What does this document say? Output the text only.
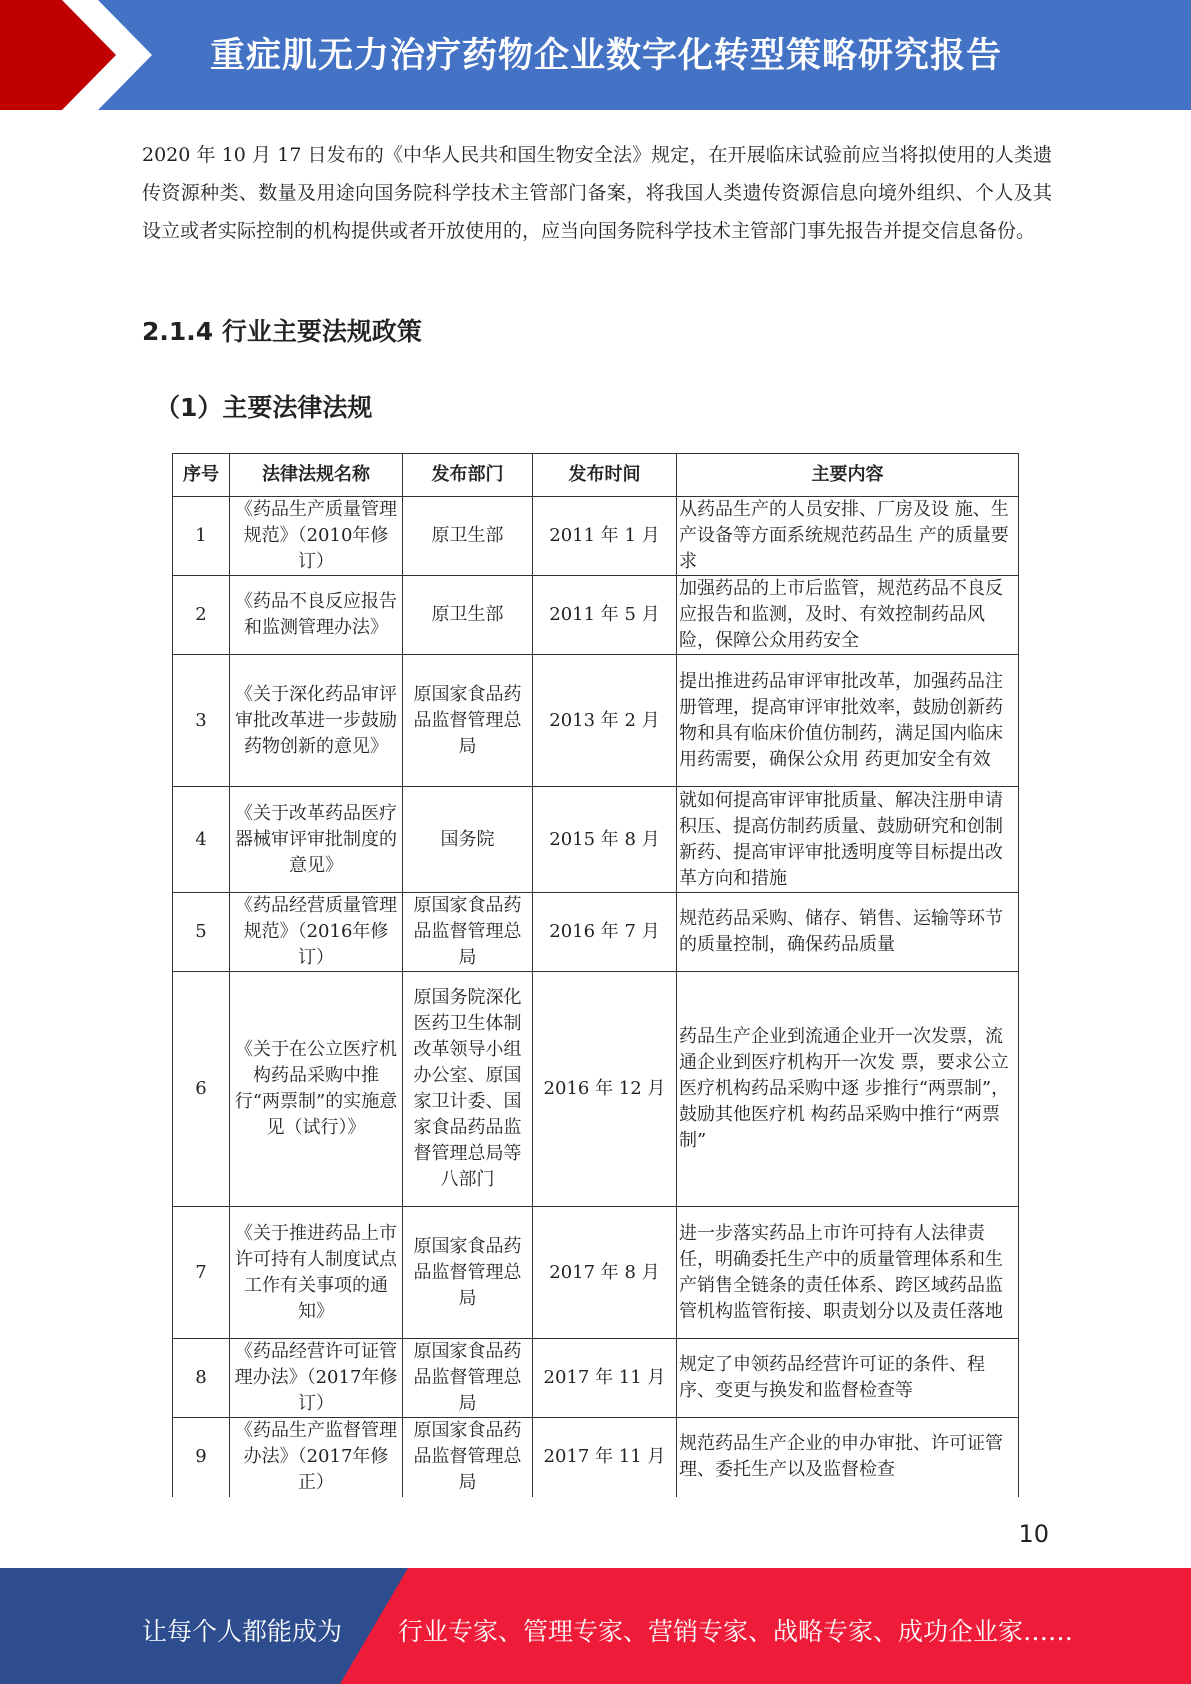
重症肌无力治疗药物企业数字化转型策略研究报告

2020 年 10 月 17 日发布的《中华人民共和国生物安全法》规定，在开展临床试验前应当将拟使用的人类遗传资源种类、数量及用途向国务院科学技术主管部门备案，将我国人类遗传资源信息向境外组织、个人及其设立或者实际控制的机构提供或者开放使用的，应当向国务院科学技术主管部门事先报告并提交信息备份。

2.1.4 行业主要法规政策
（1）主要法律法规
序号	法律法规名称	发布部门	发布时间	主要内容
1	《药品生产质量管理规范》（2010年修订）	原卫生部	2011 年 1 月	从药品生产的人员安排、厂房及设 施、生产设备等方面系统规范药品生 产的质量要求
2	《药品不良反应报告和监测管理办法》	原卫生部	2011 年 5 月	加强药品的上市后监管，规范药品不良反应报告和监测，及时、有效控制药品风险，保障公众用药安全
3	《关于深化药品审评审批改革进一步鼓励药物创新的意见》	原国家食品药品监督管理总局	2013 年 2 月	提出推进药品审评审批改革，加强药品注册管理，提高审评审批效率，鼓励创新药物和具有临床价值仿制药，满足国内临床用药需要，确保公众用 药更加安全有效
4	《关于改革药品医疗器械审评审批制度的意见》	国务院	2015 年 8 月	就如何提高审评审批质量、解决注册申请积压、提高仿制药质量、鼓励研究和创制新药、提高审评审批透明度等目标提出改革方向和措施
5	《药品经营质量管理规范》（2016年修订）	原国家食品药品监督管理总局	2016 年 7 月	规范药品采购、储存、销售、运输等环节的质量控制，确保药品质量
6	《关于在公立医疗机构药品采购中推行“两票制”的实施意见（试行）》	原国务院深化医药卫生体制改革领导小组办公室、原国家卫计委、国家食品药品监督管理总局等八部门	2016 年 12 月	药品生产企业到流通企业开一次发票，流通企业到医疗机构开一次发 票，要求公立医疗机构药品采购中逐 步推行“两票制”，鼓励其他医疗机 构药品采购中推行“两票制”
7	《关于推进药品上市许可持有人制度试点工作有关事项的通知》	原国家食品药品监督管理总局	2017 年 8 月	进一步落实药品上市许可持有人法律责任，明确委托生产中的质量管理体系和生产销售全链条的责任体系、跨区域药品监管机构监管衔接、职责划分以及责任落地
8	《药品经营许可证管理办法》（2017年修订）	原国家食品药品监督管理总局	2017 年 11 月	规定了申领药品经营许可证的条件、程序、变更与换发和监督检查等
9	《药品生产监督管理办法》（2017年修正）	原国家食品药品监督管理总局	2017 年 11 月	规范药品生产企业的申办审批、许可证管理、委托生产以及监督检查
10
让每个人都能成为 行业专家、管理专家、营销专家、战略专家、成功企业家……
